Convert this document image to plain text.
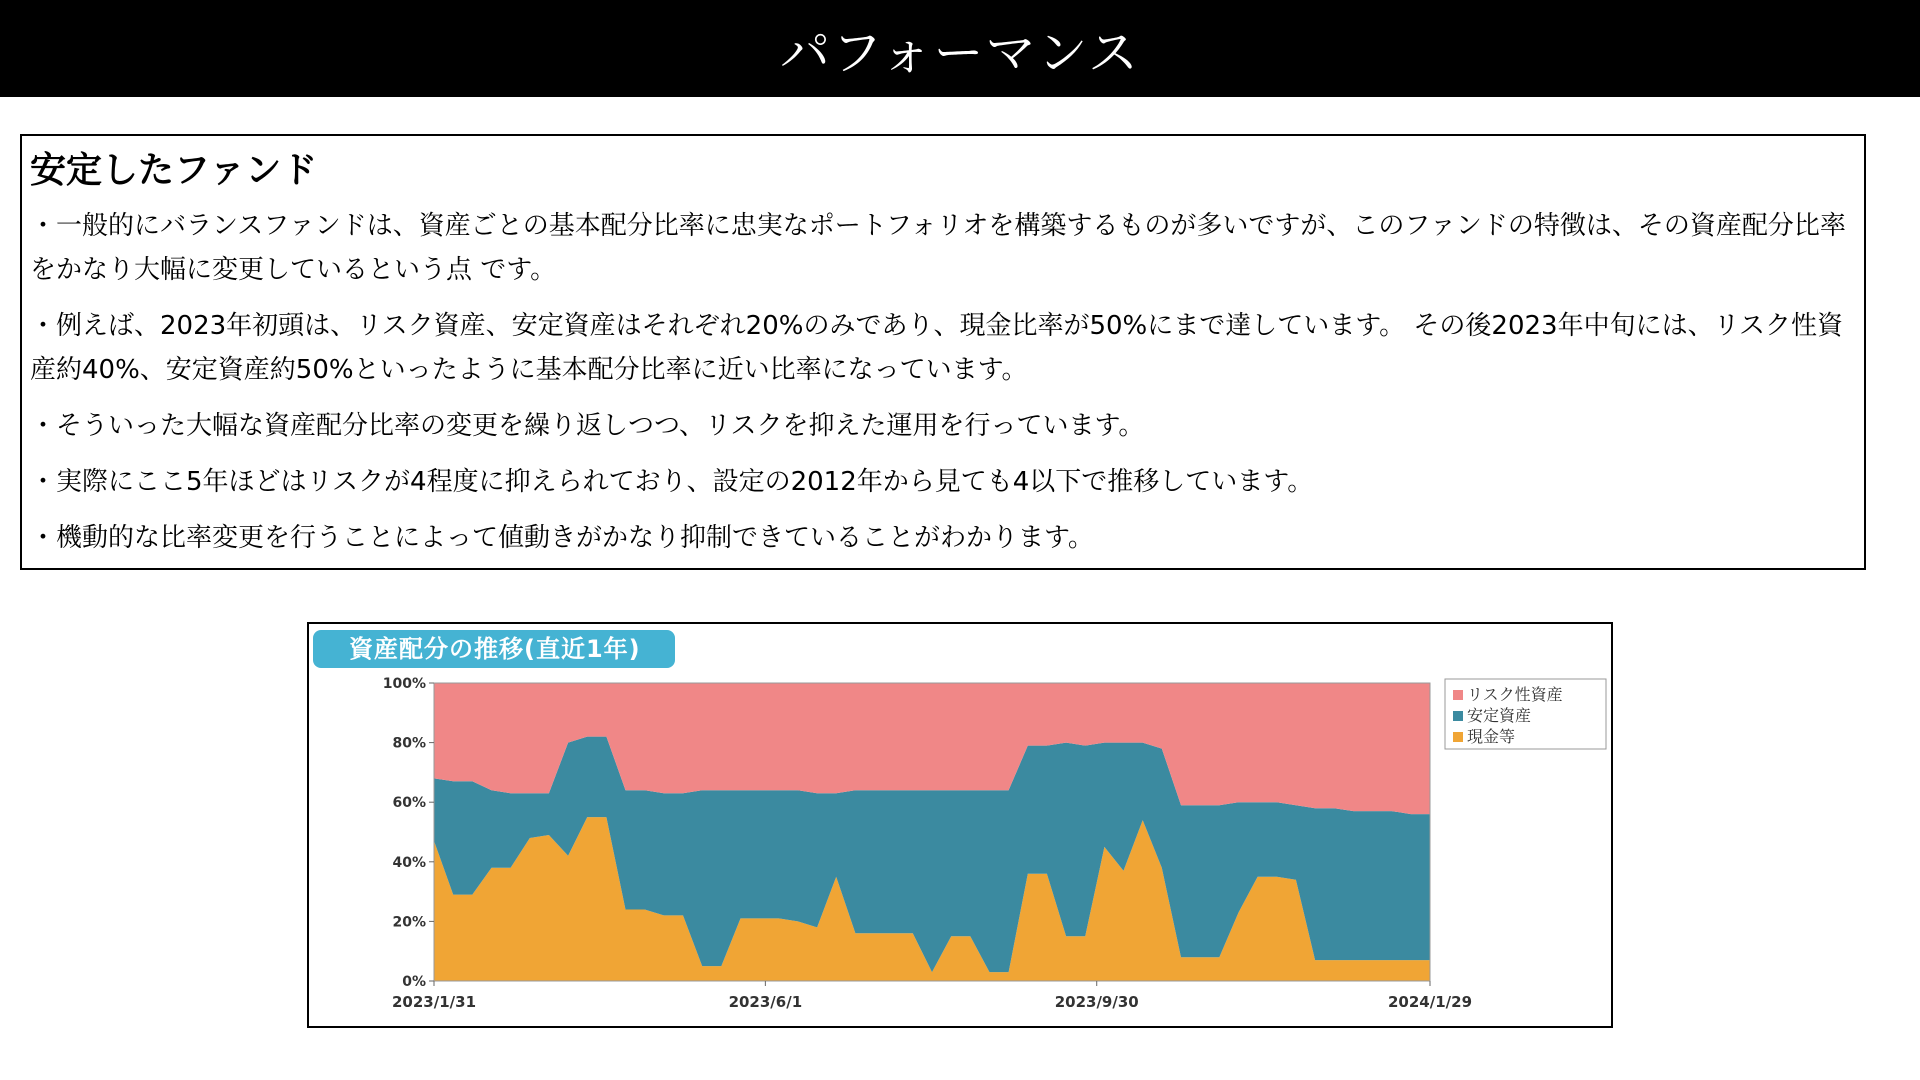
パフォーマンス
安定したファンド
・一般的にバランスファンドは、資産ごとの基本配分比率に忠実なポートフォリオを構築するものが多いですが、このファンドの特徴は、その資産配分比率をかなり大幅に変更しているという点 です。
・例えば、2023年初頭は、リスク資産、安定資産はそれぞれ20%のみであり、現金比率が50%にまで達しています。 その後2023年中旬には、リスク性資産約40%、安定資産約50%といったように基本配分比率に近い比率になっています。
・そういった大幅な資産配分比率の変更を繰り返しつつ、リスクを抑えた運用を行っています。
・実際にここ5年ほどはリスクが4程度に抑えられており、設定の2012年から見ても4以下で推移しています。
・機動的な比率変更を行うことによって値動きがかなり抑制できていることがわかります。
資産配分の推移(直近1年)
100%
80%
60%
40%
20%
0%
2023/1/31	2023/6/1	2023/9/30	2024/1/29
リスク性資産
安定資産
現金等
